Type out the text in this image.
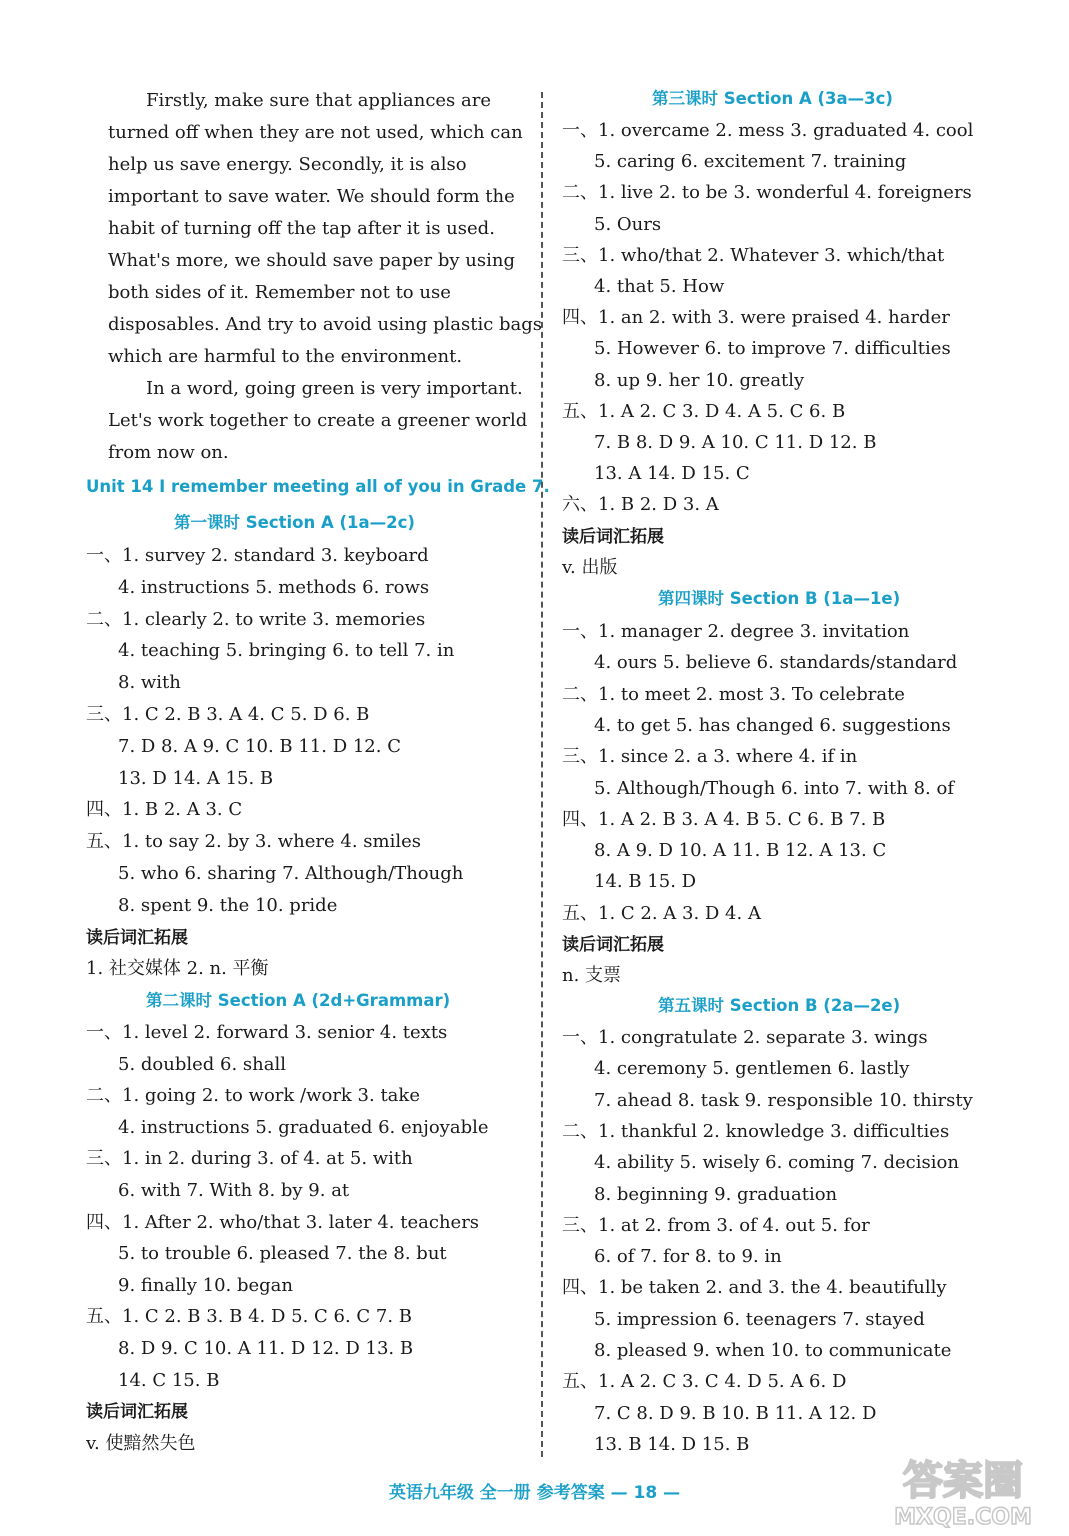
Firstly, make sure that appliances are
turned off when they are not used, which can
help us save energy. Secondly, it is also
important to save water. We should form the
habit of turning off the tap after it is used.
What's more, we should save paper by using
both sides of it. Remember not to use
disposables. And try to avoid using plastic bags
which are harmful to the environment.
In a word, going green is very important.
Let's work together to create a greener world
from now on.
Unit 14 I remember meeting all of you in Grade 7.
第一课时 Section A (1a—2c)
一、1. survey 2. standard 3. keyboard
4. instructions 5. methods 6. rows
二、1. clearly 2. to write 3. memories
4. teaching 5. bringing 6. to tell 7. in
8. with
三、1. C 2. B 3. A 4. C 5. D 6. B
7. D 8. A 9. C 10. B 11. D 12. C
13. D 14. A 15. B
四、1. B 2. A 3. C
五、1. to say 2. by 3. where 4. smiles
5. who 6. sharing 7. Although/Though
8. spent 9. the 10. pride
读后词汇拓展
1. 社交媒体 2. n. 平衡
第二课时 Section A (2d+Grammar)
一、1. level 2. forward 3. senior 4. texts
5. doubled 6. shall
二、1. going 2. to work /work 3. take
4. instructions 5. graduated 6. enjoyable
三、1. in 2. during 3. of 4. at 5. with
6. with 7. With 8. by 9. at
四、1. After 2. who/that 3. later 4. teachers
5. to trouble 6. pleased 7. the 8. but
9. finally 10. began
五、1. C 2. B 3. B 4. D 5. C 6. C 7. B
8. D 9. C 10. A 11. D 12. D 13. B
14. C 15. B
读后词汇拓展
v. 使黯然失色
第三课时 Section A (3a—3c)
一、1. overcame 2. mess 3. graduated 4. cool
5. caring 6. excitement 7. training
二、1. live 2. to be 3. wonderful 4. foreigners
5. Ours
三、1. who/that 2. Whatever 3. which/that
4. that 5. How
四、1. an 2. with 3. were praised 4. harder
5. However 6. to improve 7. difficulties
8. up 9. her 10. greatly
五、1. A 2. C 3. D 4. A 5. C 6. B
7. B 8. D 9. A 10. C 11. D 12. B
13. A 14. D 15. C
六、1. B 2. D 3. A
读后词汇拓展
v. 出版
第四课时 Section B (1a—1e)
一、1. manager 2. degree 3. invitation
4. ours 5. believe 6. standards/standard
二、1. to meet 2. most 3. To celebrate
4. to get 5. has changed 6. suggestions
三、1. since 2. a 3. where 4. if in
5. Although/Though 6. into 7. with 8. of
四、1. A 2. B 3. A 4. B 5. C 6. B 7. B
8. A 9. D 10. A 11. B 12. A 13. C
14. B 15. D
五、1. C 2. A 3. D 4. A
读后词汇拓展
n. 支票
第五课时 Section B (2a—2e)
一、1. congratulate 2. separate 3. wings
4. ceremony 5. gentlemen 6. lastly
7. ahead 8. task 9. responsible 10. thirsty
二、1. thankful 2. knowledge 3. difficulties
4. ability 5. wisely 6. coming 7. decision
8. beginning 9. graduation
三、1. at 2. from 3. of 4. out 5. for
6. of 7. for 8. to 9. in
四、1. be taken 2. and 3. the 4. beautifully
5. impression 6. teenagers 7. stayed
8. pleased 9. when 10. to communicate
五、1. A 2. C 3. C 4. D 5. A 6. D
7. C 8. D 9. B 10. B 11. A 12. D
13. B 14. D 15. B
英语九年级 全一册 参考答案 — 18 —	答案圈
MXQE.COM
